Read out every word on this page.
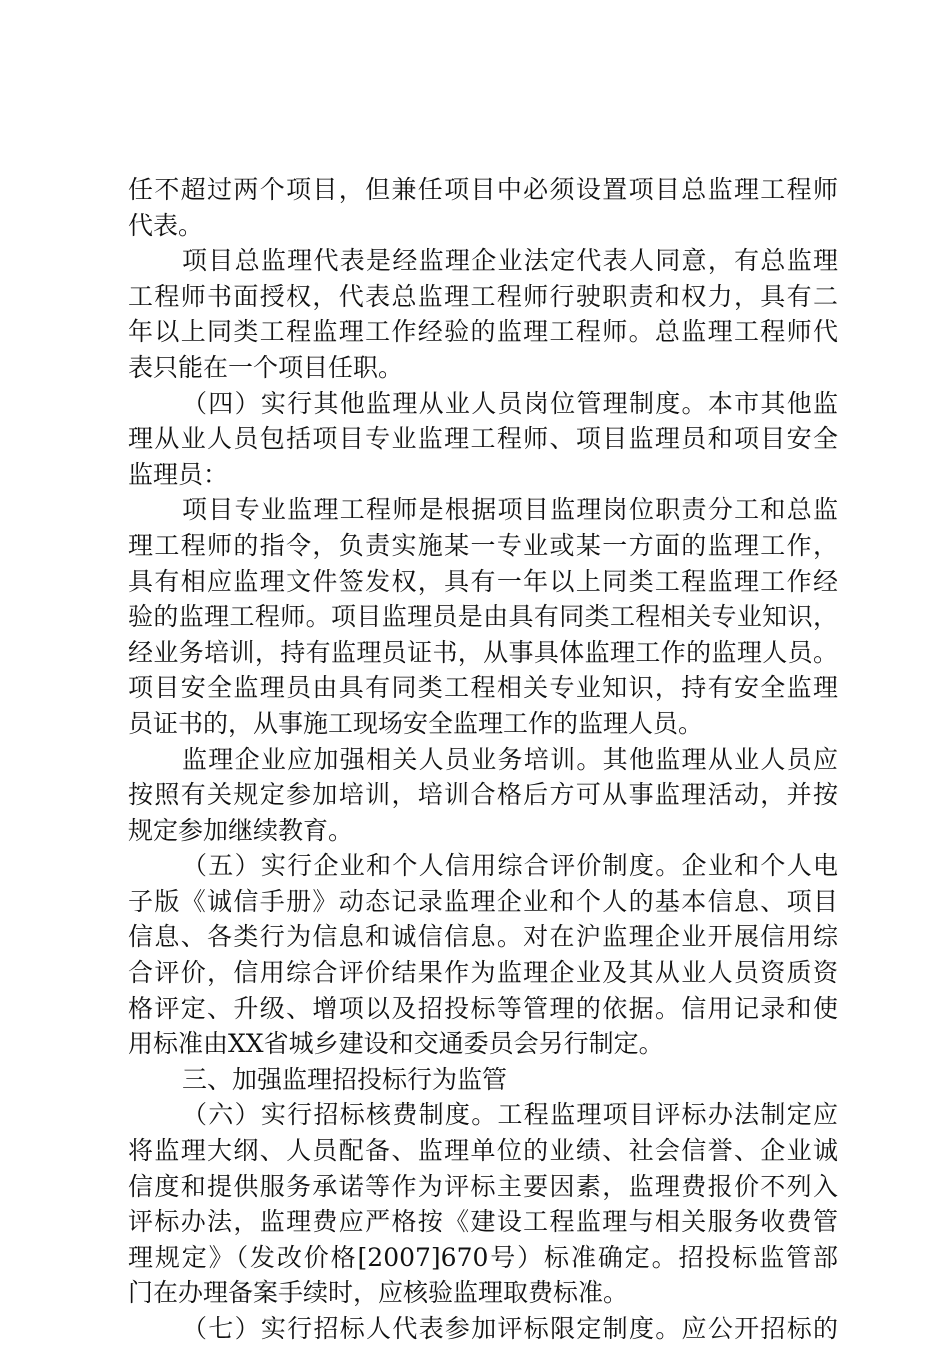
任不超过两个项目，但兼任项目中必须设置项目总监理工程师
代表。
项目总监理代表是经监理企业法定代表人同意，有总监理
工程师书面授权，代表总监理工程师行驶职责和权力，具有二
年以上同类工程监理工作经验的监理工程师。总监理工程师代
表只能在一个项目任职。
（四）实行其他监理从业人员岗位管理制度。本市其他监
理从业人员包括项目专业监理工程师、项目监理员和项目安全
监理员：
项目专业监理工程师是根据项目监理岗位职责分工和总监
理工程师的指令，负责实施某一专业或某一方面的监理工作，
具有相应监理文件签发权，具有一年以上同类工程监理工作经
验的监理工程师。项目监理员是由具有同类工程相关专业知识，
经业务培训，持有监理员证书，从事具体监理工作的监理人员。
项目安全监理员由具有同类工程相关专业知识，持有安全监理
员证书的，从事施工现场安全监理工作的监理人员。
监理企业应加强相关人员业务培训。其他监理从业人员应
按照有关规定参加培训，培训合格后方可从事监理活动，并按
规定参加继续教育。
（五）实行企业和个人信用综合评价制度。企业和个人电
子版《诚信手册》动态记录监理企业和个人的基本信息、项目
信息、各类行为信息和诚信信息。对在沪监理企业开展信用综
合评价，信用综合评价结果作为监理企业及其从业人员资质资
格评定、升级、增项以及招投标等管理的依据。信用记录和使
用标准由XX省城乡建设和交通委员会另行制定。
三、加强监理招投标行为监管
（六）实行招标核费制度。工程监理项目评标办法制定应
将监理大纲、人员配备、监理单位的业绩、社会信誉、企业诚
信度和提供服务承诺等作为评标主要因素，监理费报价不列入
评标办法，监理费应严格按《建设工程监理与相关服务收费管
理规定》（发改价格[2007]670号）标准确定。招投标监管部
门在办理备案手续时，应核验监理取费标准。
（七）实行招标人代表参加评标限定制度。应公开招标的
